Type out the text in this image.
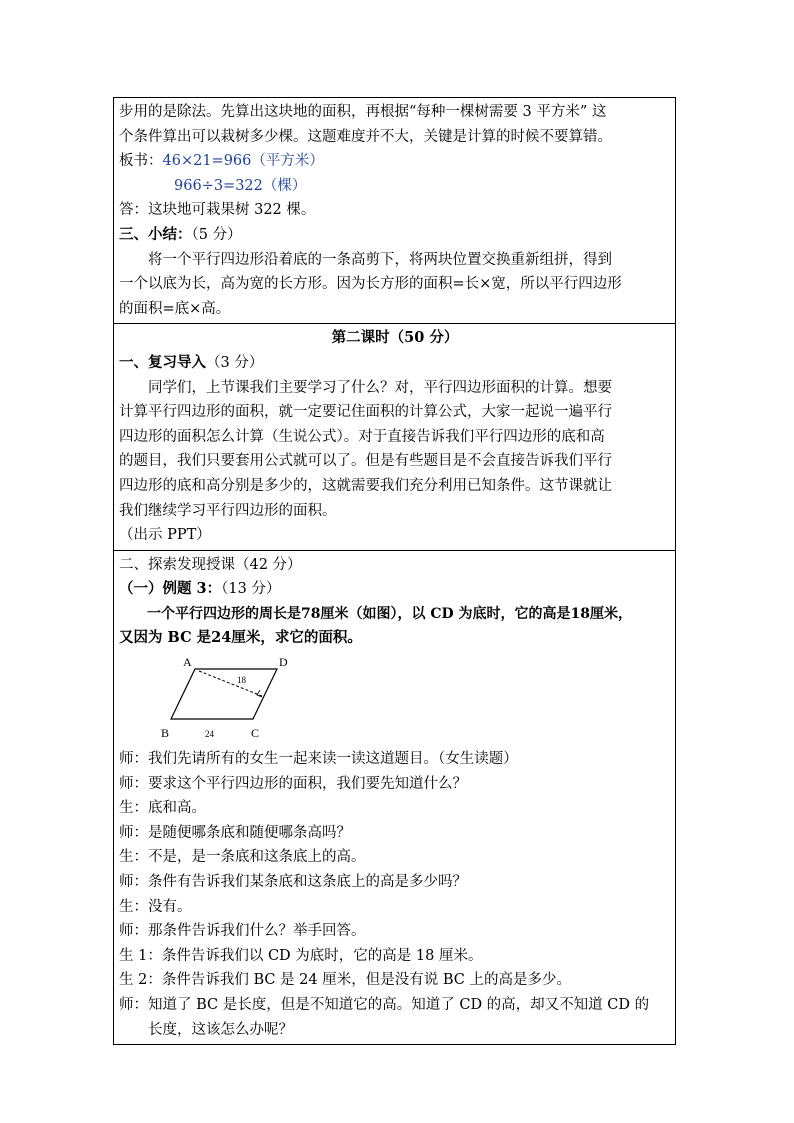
步用的是除法。先算出这块地的面积，再根据“每种一棵树需要 3 平方米” 这

个条件算出可以栽树多少棵。这题难度并不大，关键是计算的时候不要算错。

板书：46×21=966（平方米）

966÷3=322（棵）

答：这块地可栽果树 322 棵。

三、小结：（5 分）

将一个平行四边形沿着底的一条高剪下，将两块位置交换重新组拼，得到

一个以底为长，高为宽的长方形。因为长方形的面积=长×宽，所以平行四边形

的面积=底×高。

第二课时（50 分）

一、复习导入（3 分）

同学们，上节课我们主要学习了什么？对，平行四边形面积的计算。想要

计算平行四边形的面积，就一定要记住面积的计算公式，大家一起说一遍平行

四边形的面积怎么计算（生说公式）。对于直接告诉我们平行四边形的底和高

的题目，我们只要套用公式就可以了。但是有些题目是不会直接告诉我们平行

四边形的底和高分别是多少的，这就需要我们充分利用已知条件。这节课就让

我们继续学习平行四边形的面积。

（出示 PPT）

二、探索发现授课（42 分）

（一）例题 3：（13 分）

一个平行四边形的周长是78厘米（如图），以 CD 为底时，它的高是18厘米，

又因为 BC 是24厘米，求它的面积。

A	D
B	C
18
24

师：我们先请所有的女生一起来读一读这道题目。（女生读题）

师：要求这个平行四边形的面积，我们要先知道什么？

生：底和高。

师：是随便哪条底和随便哪条高吗？

生：不是，是一条底和这条底上的高。

师：条件有告诉我们某条底和这条底上的高是多少吗？

生：没有。

师：那条件告诉我们什么？举手回答。

生 1：条件告诉我们以 CD 为底时，它的高是 18 厘米。

生 2：条件告诉我们 BC 是 24 厘米，但是没有说 BC 上的高是多少。

师：知道了 BC 是长度，但是不知道它的高。知道了 CD 的高，却又不知道 CD 的

长度，这该怎么办呢？
